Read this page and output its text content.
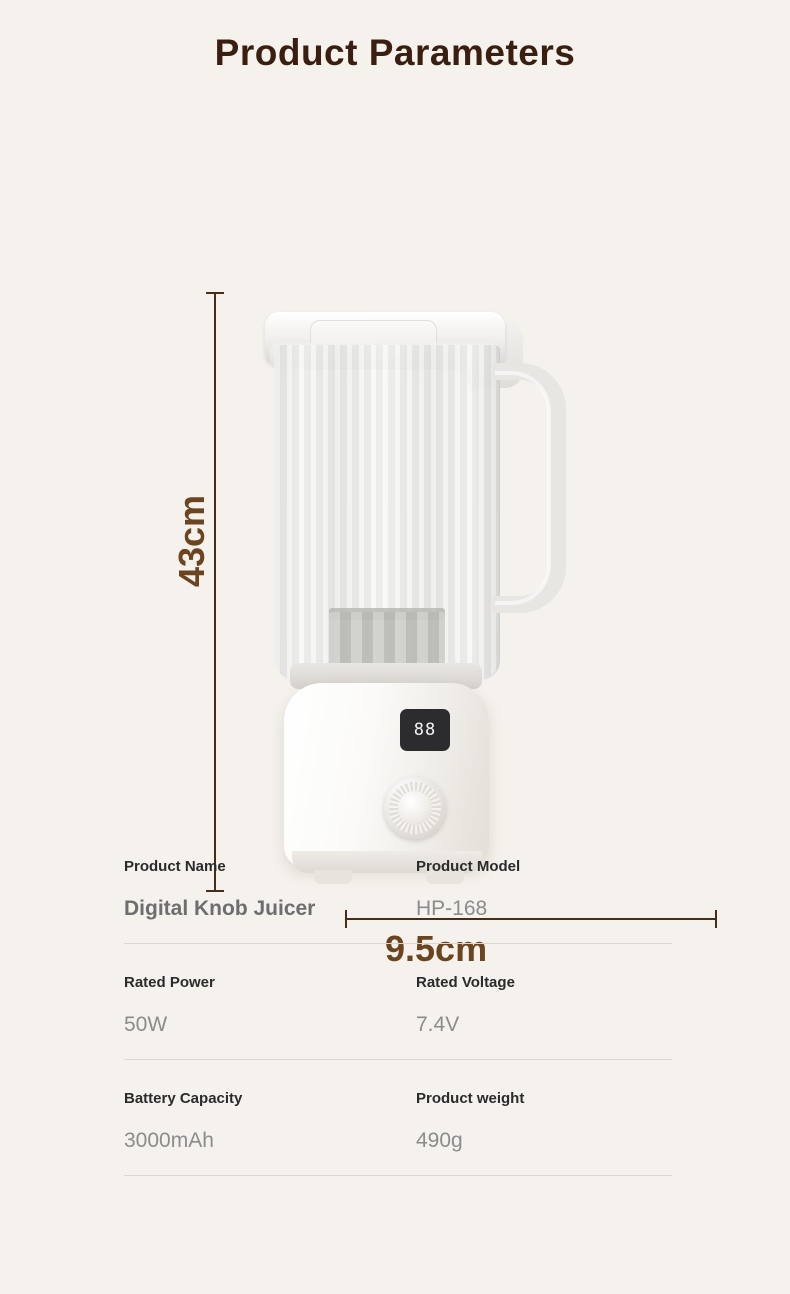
Product Parameters
43cm
88
9.5cm
Product Name
Digital Knob Juicer
Product Model
HP-168
Rated Power
50W
Rated Voltage
7.4V
Battery Capacity
3000mAh
Product weight
490g
